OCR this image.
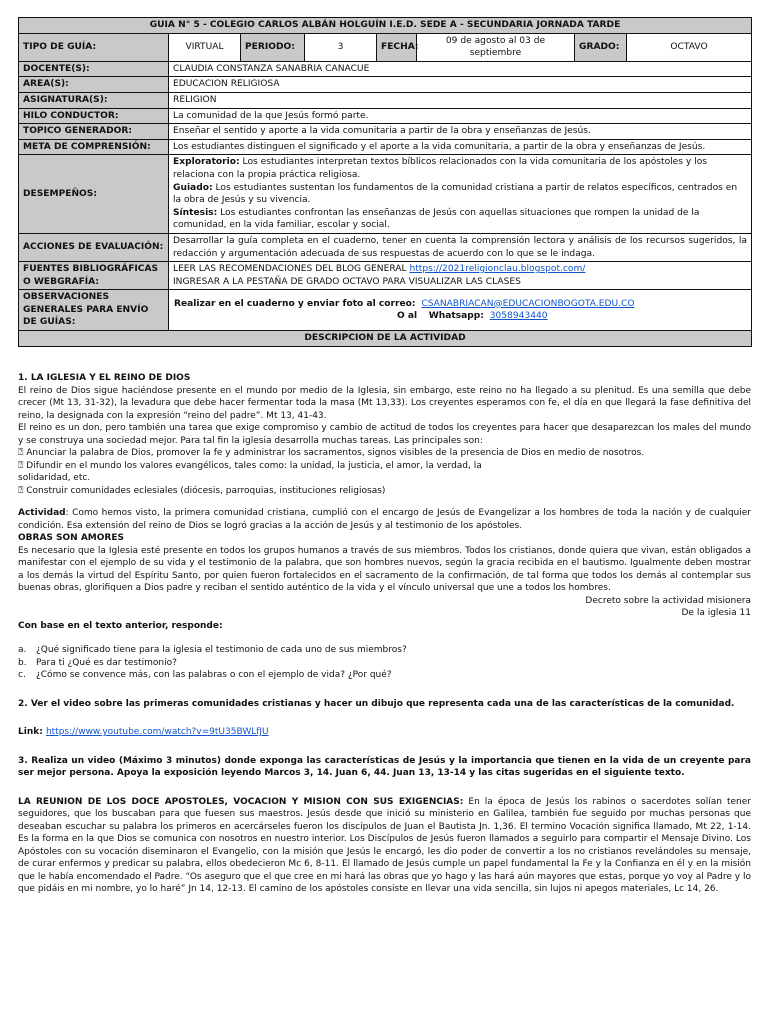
GUIA N° 5 - COLEGIO CARLOS ALBÁN HOLGUÍN I.E.D. SEDE A - SECUNDARIA JORNADA TARDE							
TIPO DE GUÍA:	VIRTUAL	PERIODO:	3	FECHA:	09 de agosto al 03 de septiembre	GRADO:	OCTAVO
DOCENTE(S):	CLAUDIA CONSTANZA SANABRIA CANACUE						
AREA(S):	EDUCACION RELIGIOSA						
ASIGNATURA(S):	RELIGION						
HILO CONDUCTOR:	La comunidad de la que Jesús formó parte.						
TOPICO GENERADOR:	Enseñar el sentido y aporte a la vida comunitaria a partir de la obra y enseñanzas de Jesús.						
META DE COMPRENSIÓN:	Los estudiantes distinguen el significado y el aporte a la vida comunitaria, a partir de la obra y enseñanzas de Jesús.						
DESEMPEÑOS:	Exploratorio: Los estudiantes interpretan textos bíblicos relacionados con la vida comunitaria de los apóstoles y los relaciona con la propia práctica religiosa.

Guiado: Los estudiantes sustentan los fundamentos de la comunidad cristiana a partir de relatos específicos, centrados en la obra de Jesús y su vivencia.

Síntesis: Los estudiantes confrontan las enseñanzas de Jesús con aquellas situaciones que rompen la unidad de la comunidad, en la vida familiar, escolar y social.						

ACCIONES DE EVALUACIÓN:	Desarrollar la guía completa en el cuaderno, tener en cuenta la comprensión lectora y análisis de los recursos sugeridos, la redacción y argumentación adecuada de sus respuestas de acuerdo con lo que se le indaga.						
FUENTES BIBLIOGRÁFICAS O WEBGRAFÍA:	LEER LAS RECOMENDACIONES DEL BLOG GENERAL https://2021religionclau.blogspot.com/
INGRESAR A LA PESTAÑA DE GRADO OCTAVO PARA VISUALIZAR LAS CLASES						
OBSERVACIONES GENERALES PARA ENVÍO DE GUÍAS:	Realizar en el cuaderno y enviar foto al correo: CSANABRIACAN@EDUCACIONBOGOTA.EDU.CO
O al Whatsapp: 3058943440						

DESCRIPCION DE LA ACTIVIDAD							

1. LA IGLESIA Y EL REINO DE DIOS

El reino de Dios sigue haciéndose presente en el mundo por medio de la Iglesia, sin embargo, este reino no ha llegado a su plenitud. Es una semilla que debe crecer (Mt 13, 31-32), la levadura que debe hacer fermentar toda la masa (Mt 13,33). Los creyentes esperamos con fe, el día en que llegará la fase definitiva del reino, la designada con la expresión “reino del padre”. Mt 13, 41-43.

El reino es un don, pero también una tarea que exige compromiso y cambio de actitud de todos los creyentes para hacer que desaparezcan los males del mundo y se construya una sociedad mejor. Para tal fin la iglesia desarrolla muchas tareas. Las principales son:

⍰ Anunciar la palabra de Dios, promover la fe y administrar los sacramentos, signos visibles de la presencia de Dios en medio de nosotros.

⍰ Difundir en el mundo los valores evangélicos, tales como: la unidad, la justicia, el amor, la verdad, la

solidaridad, etc.

⍰ Construir comunidades eclesiales (diócesis, parroquias, instituciones religiosas)

Actividad: Como hemos visto, la primera comunidad cristiana, cumplió con el encargo de Jesús de Evangelizar a los hombres de toda la nación y de cualquier condición. Esa extensión del reino de Dios se logró gracias a la acción de Jesús y al testimonio de los apóstoles.

OBRAS SON AMORES

Es necesario que la Iglesia esté presente en todos los grupos humanos a través de sus miembros. Todos los cristianos, donde quiera que vivan, están obligados a manifestar con el ejemplo de su vida y el testimonio de la palabra, que son hombres nuevos, según la gracia recibida en el bautismo. Igualmente deben mostrar a los demás la virtud del Espíritu Santo, por quien fueron fortalecidos en el sacramento de la confirmación, de tal forma que todos los demás al contemplar sus buenas obras, glorifiquen a Dios padre y reciban el sentido auténtico de la vida y el vínculo universal que une a todos los hombres.

Decreto sobre la actividad misionera

De la iglesia 11

Con base en el texto anterior, responde:

a.	¿Qué significado tiene para la iglesia el testimonio de cada uno de sus miembros?
b.	Para ti ¿Qué es dar testimonio?
c.	¿Cómo se convence más, con las palabras o con el ejemplo de vida? ¿Por qué?

2. Ver el video sobre las primeras comunidades cristianas y hacer un dibujo que representa cada una de las características de la comunidad.

Link: https://www.youtube.com/watch?v=9tU35BWLfJU

3. Realiza un video (Máximo 3 minutos) donde exponga las características de Jesús y la importancia que tienen en la vida de un creyente para ser mejor persona. Apoya la exposición leyendo Marcos 3, 14. Juan 6, 44. Juan 13, 13-14 y las citas sugeridas en el siguiente texto.

LA REUNION DE LOS DOCE APOSTOLES, VOCACION Y MISION CON SUS EXIGENCIAS: En la época de Jesús los rabinos o sacerdotes solían tener seguidores, que los buscaban para que fuesen sus maestros. Jesús desde que inició su ministerio en Galilea, también fue seguido por muchas personas que deseaban escuchar su palabra los primeros en acercárseles fueron los discípulos de Juan el Bautista Jn. 1,36. El termino Vocación significa llamado, Mt 22, 1-14. Es la forma en la que Dios se comunica con nosotros en nuestro interior. Los Discípulos de Jesús fueron llamados a seguirlo para compartir el Mensaje Divino. Los Apóstoles con su vocación diseminaron el Evangelio, con la misión que Jesús le encargó, les dio poder de convertir a los no cristianos revelándoles su mensaje, de curar enfermos y predicar su palabra, ellos obedecieron Mc 6, 8-11. El llamado de Jesús cumple un papel fundamental la Fe y la Confianza en él y en la misión que le había encomendado el Padre. “Os aseguro que el que cree en mi hará las obras que yo hago y las hará aún mayores que estas, porque yo voy al Padre y lo que pidáis en mi nombre, yo lo haré” Jn 14, 12-13. El camino de los apóstoles consiste en llevar una vida sencilla, sin lujos ni apegos materiales, Lc 14, 26.
